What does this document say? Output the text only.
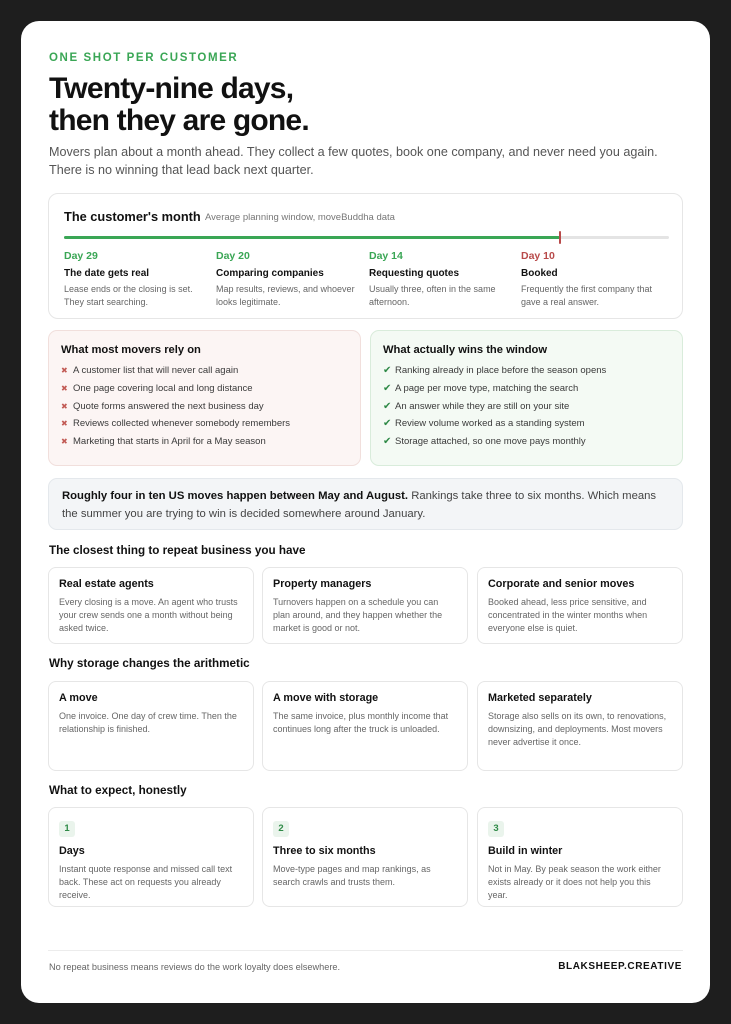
ONE SHOT PER CUSTOMER
Twenty-nine days,
then they are gone.

Movers plan about a month ahead. They collect a few quotes, book one company, and never need you again. There is no winning that lead back next quarter.

The customer's month Average planning window, moveBuddha data
Day 29
The date gets real
Lease ends or the closing is set. They start searching.
Day 20
Comparing companies
Map results, reviews, and whoever looks legitimate.
Day 14
Requesting quotes
Usually three, often in the same afternoon.
Day 10
Booked
Frequently the first company that gave a real answer.
What most movers rely on
✖ A customer list that will never call again
✖ One page covering local and long distance
✖ Quote forms answered the next business day
✖ Reviews collected whenever somebody remembers
✖ Marketing that starts in April for a May season
What actually wins the window
✔ Ranking already in place before the season opens
✔ A page per move type, matching the search
✔ An answer while they are still on your site
✔ Review volume worked as a standing system
✔ Storage attached, so one move pays monthly
Roughly four in ten US moves happen between May and August. Rankings take three to six months. Which means the summer you are trying to win is decided somewhere around January.
The closest thing to repeat business you have
Real estate agents
Every closing is a move. An agent who trusts your crew sends one a month without being asked twice.
Property managers
Turnovers happen on a schedule you can plan around, and they happen whether the market is good or not.
Corporate and senior moves
Booked ahead, less price sensitive, and concentrated in the winter months when everyone else is quiet.
Why storage changes the arithmetic
A move
One invoice. One day of crew time. Then the relationship is finished.
A move with storage
The same invoice, plus monthly income that continues long after the truck is unloaded.
Marketed separately
Storage also sells on its own, to renovations, downsizing, and deployments. Most movers never advertise it once.
What to expect, honestly
1
Days
Instant quote response and missed call text back. These act on requests you already receive.
2
Three to six months
Move-type pages and map rankings, as search crawls and trusts them.
3
Build in winter
Not in May. By peak season the work either exists already or it does not help you this year.
No repeat business means reviews do the work loyalty does elsewhere.	BLAKSHEEP.CREATIVE
